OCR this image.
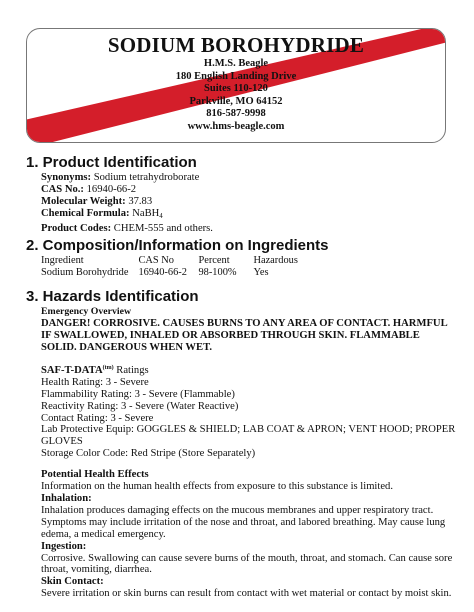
SODIUM BOROHYDRIDE
H.M.S. Beagle
180 English Landing Drive
Suites 110-120
Parkville, MO 64152
816-587-9998
www.hms-beagle.com
1. Product Identification
Synonyms: Sodium tetrahydroborate
CAS No.: 16940-66-2
Molecular Weight: 37.83
Chemical Formula: NaBH$_4$
Product Codes: CHEM-555 and others.
2. Composition/Information on Ingredients
Ingredient	CAS No	Percent	Hazardous
Sodium Borohydride	16940-66-2	98-100%	Yes
3. Hazards Identification
Emergency Overview
DANGER! CORROSIVE. CAUSES BURNS TO ANY AREA OF CONTACT. HARMFUL IF SWALLOWED, INHALED OR ABSORBED THROUGH SKIN. FLAMMABLE SOLID. DANGEROUS WHEN WET.
SAF-$T-DATA^{(tm)}$ Ratings
Health Rating: 3 - Severe
Flammability Rating: 3 - Severe (Flammable)
Reactivity Rating: 3 - Severe (Water Reactive)
Contact Rating: 3 - Severe
Lab Protective Equip: GOGGLES & SHIELD; LAB COAT & APRON; VENT HOOD; PROPER GLOVES
Storage Color Code: Red Stripe (Store Separately)
Potential Health Effects
Information on the human health effects from exposure to this substance is limited.
Inhalation:
Inhalation produces damaging effects on the mucous membranes and upper respiratory tract. Symptoms may include irritation of the nose and throat, and labored breathing. May cause lung edema, a medical emergency.
Ingestion:
Corrosive. Swallowing can cause severe burns of the mouth, throat, and stomach. Can cause sore throat, vomiting, diarrhea.
Skin Contact:
Severe irritation or skin burns can result from contact with wet material or contact by moist skin.
